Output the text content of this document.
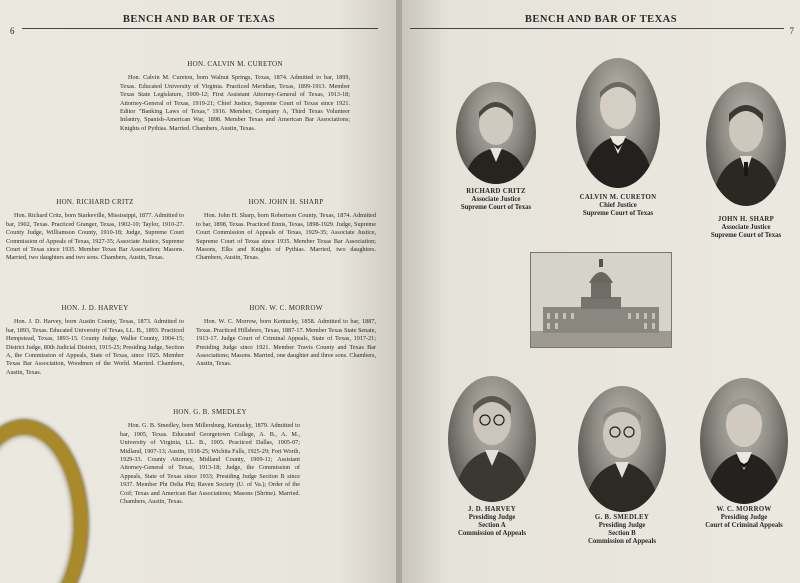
6
BENCH AND BAR OF TEXAS
HON. CALVIN M. CURETON
Hon. Calvin M. Cureton, born Walnut Springs, Texas, 1874. Admitted to bar, 1899, Texas. Educated University of Virginia. Practiced Meridian, Texas, 1899-1913. Member Texas State Legislature, 1909-12; First Assistant Attorney-General of Texas, 1913-18; Attorney-General of Texas, 1919-21; Chief Justice, Supreme Court of Texas since 1921. Editor "Banking Laws of Texas," 1916. Member, Company A, Third Texas Volunteer Infantry, Spanish-American War, 1898. Member Texas and American Bar Associations; Knights of Pythias. Married. Chambers, Austin, Texas.
HON. RICHARD CRITZ
Hon. Richard Critz, born Starkeville, Mississippi, 1877. Admitted to bar, 1902, Texas. Practiced Granger, Texas, 1902-10; Taylor, 1910-27. County Judge, Williamson County, 1910-18; Judge, Supreme Court Commission of Appeals of Texas, 1927-35; Associate Justice, Supreme Court of Texas since 1935. Member Texas Bar Association; Masons. Married, two daughters and two sons. Chambers, Austin, Texas.
HON. JOHN H. SHARP
Hon. John H. Sharp, born Robertson County, Texas, 1874. Admitted to bar, 1898, Texas. Practiced Ennis, Texas, 1898-1929. Judge, Supreme Court Commission of Appeals of Texas, 1929-35; Associate Justice, Supreme Court of Texas since 1935. Member Texas Bar Association; Masons, Elks and Knights of Pythias. Married, two daughters. Chambers, Austin, Texas.
HON. J. D. HARVEY
Hon. J. D. Harvey, born Austin County, Texas, 1873. Admitted to bar, 1893, Texas. Educated University of Texas, LL. B., 1893. Practiced Hempstead, Texas, 1893-15. County Judge, Waller County, 1904-15; District Judge, 80th Judicial District, 1915-25; Presiding Judge, Section A, the Commission of Appeals, State of Texas, since 1925. Member Texas Bar Association, Woodmen of the World. Married. Chambers, Austin, Texas.
HON. W. C. MORROW
Hon. W. C. Morrow, born Kentucky, 1858. Admitted to bar, 1887, Texas. Practiced Hillsboro, Texas, 1887-17. Member Texas State Senate, 1913-17. Judge Court of Criminal Appeals, State of Texas, 1917-21; Presiding Judge since 1921. Member Travis County and Texas Bar Associations; Masons. Married, one daughter and three sons. Chambers, Austin, Texas.
HON. G. B. SMEDLEY
Hon. G. B. Smedley, born Millersburg, Kentucky, 1879. Admitted to bar, 1905, Texas. Educated Georgetown College, A. B., A. M., University of Virginia, LL. B., 1905. Practiced Dallas, 1905-07; Midland, 1907-13; Austin, 1918-25; Wichita Falls, 1925-29; Fort Worth, 1929-33. County Attorney, Midland County, 1909-11; Assistant Attorney-General of Texas, 1913-18; Judge, the Commission of Appeals, State of Texas since 1933; Presiding Judge Section B since 1937. Member Phi Delta Phi; Raven Society (U. of Va.); Order of the Coif; Texas and American Bar Associations; Masons (Shrine). Married. Chambers, Austin, Texas.
BENCH AND BAR OF TEXAS
7
RICHARD CRITZ
Associate Justice
Supreme Court of Texas
CALVIN M. CURETON
Chief Justice
Supreme Court of Texas
JOHN H. SHARP
Associate Justice
Supreme Court of Texas
J. D. HARVEY
Presiding Judge
Section A
Commission of Appeals
G. B. SMEDLEY
Presiding Judge
Section B
Commission of Appeals
W. C. MORROW
Presiding Judge
Court of Criminal Appeals
